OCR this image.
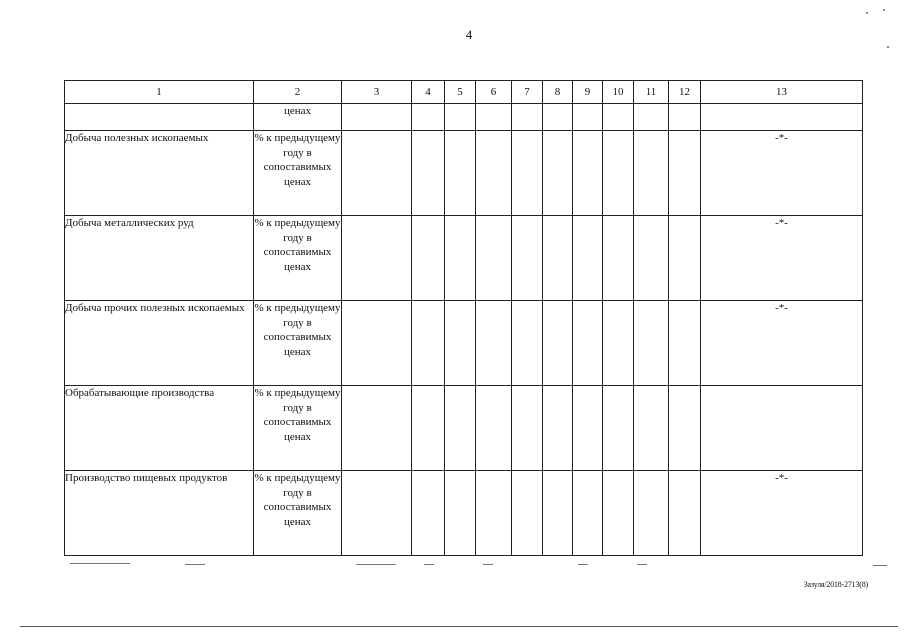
4
1	2	3	4	5	6	7	8	9	10	11	12	13
	ценах											
Добыча полезных ископаемых	% к предыдущему году в сопоставимых ценах											-*-
Добыча металлических руд	% к предыдущему году в сопоставимых ценах											-*-
Добыча прочих полезных ископаемых	% к предыдущему году в сопоставимых ценах											-*-
Обрабатывающие производства	% к предыдущему году в сопоставимых ценах											
Производство пищевых продуктов	% к предыдущему году в сопоставимых ценах											-*-
Зазуля/2018-2713(8)
